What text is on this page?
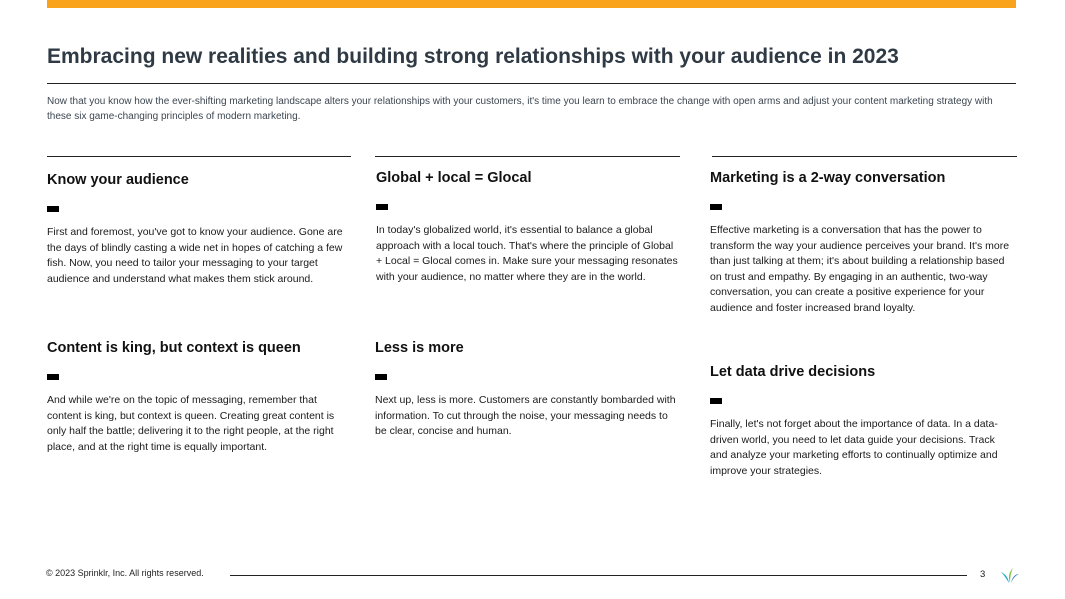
Embracing new realities and building strong relationships with your audience in 2023

Now that you know how the ever-shifting marketing landscape alters your relationships with your customers, it's time you learn to embrace the change with open arms and adjust your content marketing strategy with these six game-changing principles of modern marketing.

Know your audience

First and foremost, you've got to know your audience. Gone are the days of blindly casting a wide net in hopes of catching a few fish. Now, you need to tailor your messaging to your target audience and understand what makes them stick around.

Global + local = Glocal

In today's globalized world, it's essential to balance a global approach with a local touch. That's where the principle of Global + Local = Glocal comes in. Make sure your messaging resonates with your audience, no matter where they are in the world.

Marketing is a 2-way conversation

Effective marketing is a conversation that has the power to transform the way your audience perceives your brand. It's more than just talking at them; it's about building a relationship based on trust and empathy. By engaging in an authentic, two-way conversation, you can create a positive experience for your audience and foster increased brand loyalty.

Content is king, but context is queen

And while we're on the topic of messaging, remember that content is king, but context is queen. Creating great content is only half the battle; delivering it to the right people, at the right place, and at the right time is equally important.

Less is more

Next up, less is more. Customers are constantly bombarded with information. To cut through the noise, your messaging needs to be clear, concise and human.

Let data drive decisions

Finally, let's not forget about the importance of data. In a data-driven world, you need to let data guide your decisions. Track and analyze your marketing efforts to continually optimize and improve your strategies.

© 2023 Sprinklr, Inc. All rights reserved.	3
